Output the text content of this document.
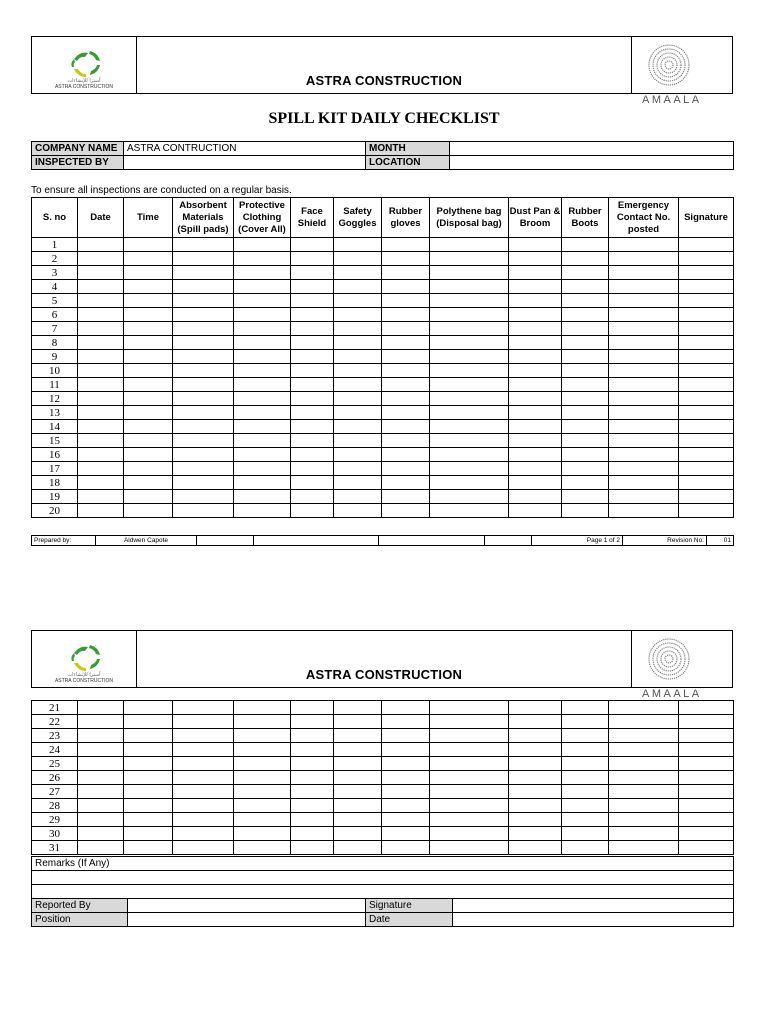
آسترا للإنشاءات
ASTRA CONSTRUCTION	ASTRA CONSTRUCTION
AMAALA
SPILL KIT DAILY CHECKLIST
COMPANY NAME	ASTRA CONTRUCTION	MONTH	
INSPECTED BY		LOCATION	
To ensure all inspections are conducted on a regular basis.
S. no	Date	Time	Absorbent Materials (Spill pads)	Protective Clothing (Cover All)	Face Shield	Safety Goggles	Rubber gloves	Polythene bag (Disposal bag)	Dust Pan & Broom	Rubber Boots	Emergency Contact No. posted	Signature
1												
2												
3												
4												
5												
6												
7												
8												
9												
10												
11												
12												
13												
14												
15												
16												
17												
18												
19												
20												
Prepared by:	Aldwen Capote					Page 1 of 2	Revision No:	01
آسترا للإنشاءات
ASTRA CONSTRUCTION	ASTRA CONSTRUCTION
AMAALA
21												
22												
23												
24												
25												
26												
27												
28												
29												
30												
31												
Remarks (If Any)			

Reported By		Signature	
Position		Date	
